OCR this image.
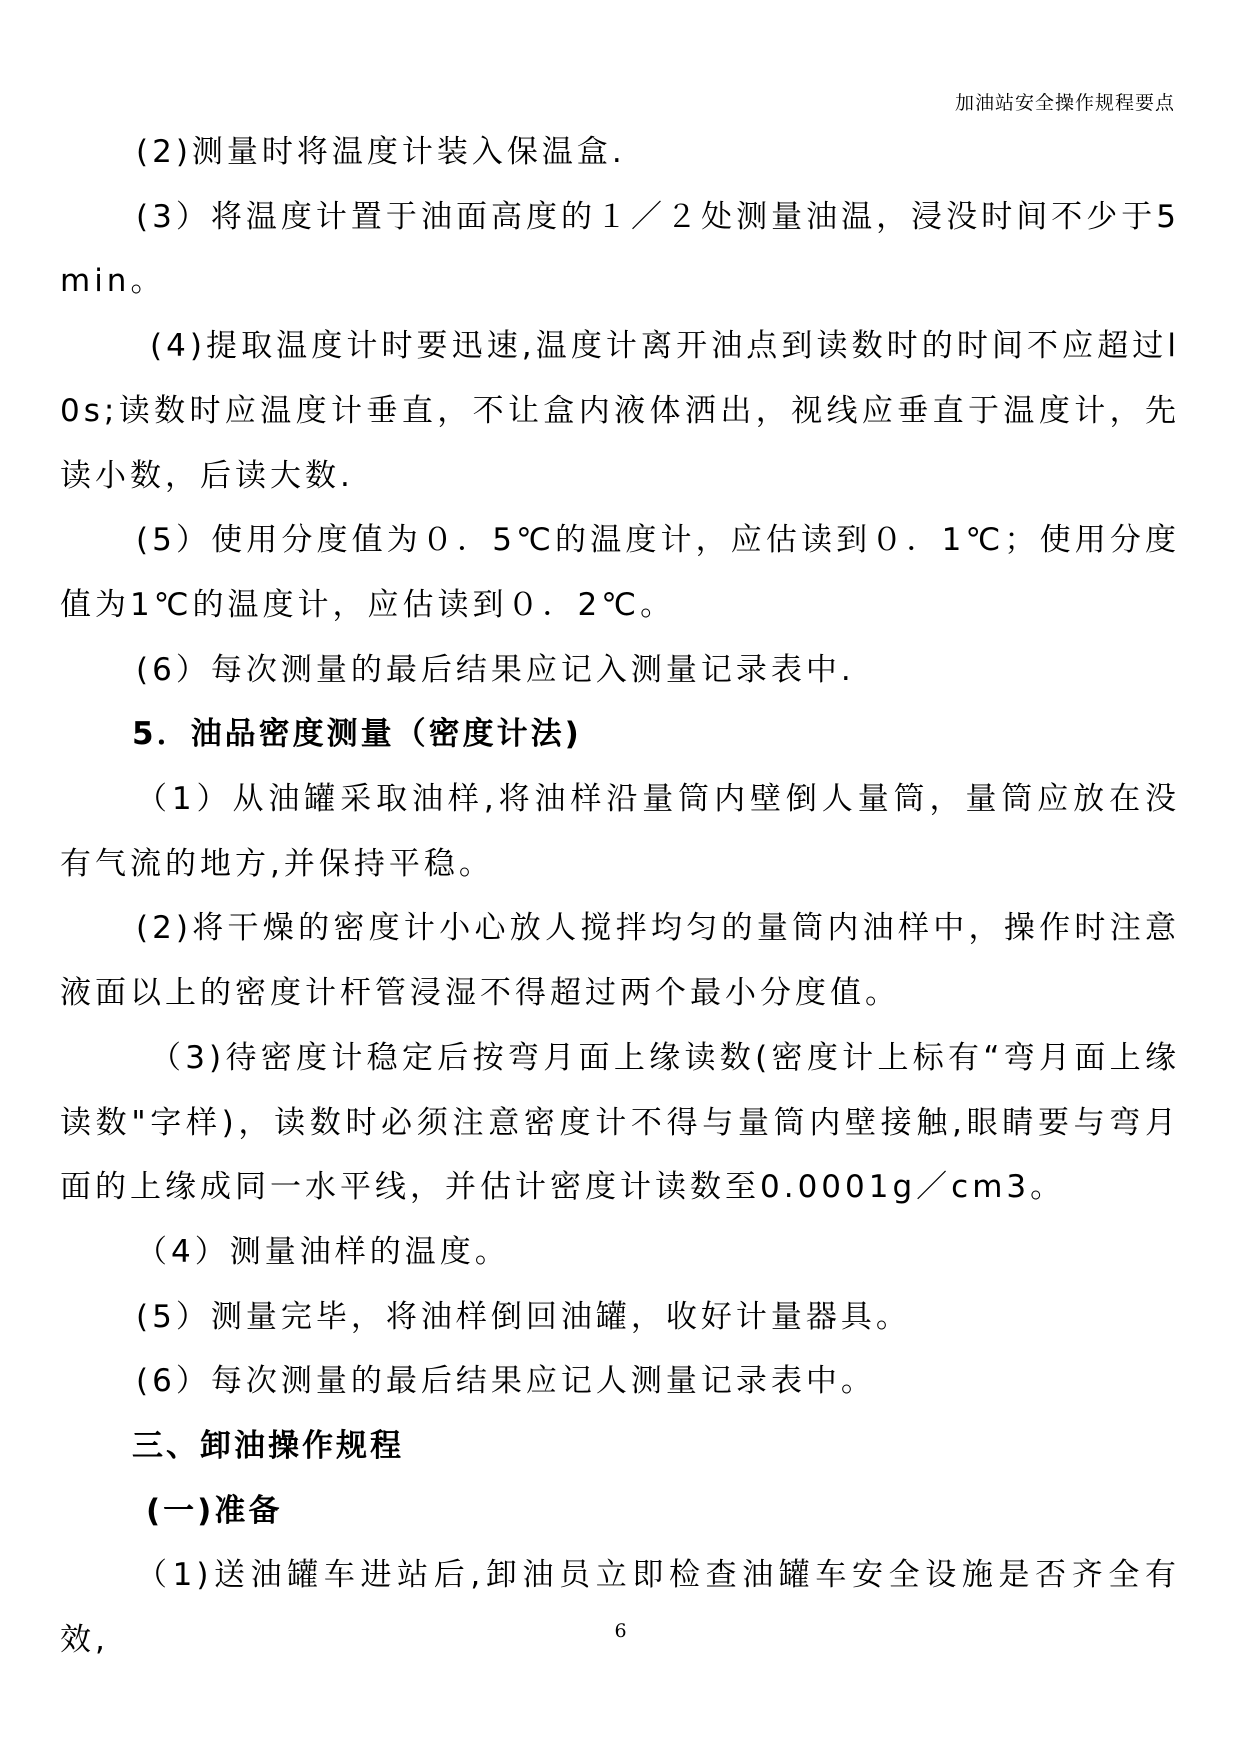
加油站安全操作规程要点

(2)测量时将温度计装入保温盒.

(3）将温度计置于油面高度的１／２处测量油温，浸没时间不少于5min。

(4)提取温度计时要迅速,温度计离开油点到读数时的时间不应超过l0s;读数时应温度计垂直，不让盒内液体洒出，视线应垂直于温度计，先读小数，后读大数.

(5）使用分度值为０．5℃的温度计，应估读到０．1℃；使用分度值为1℃的温度计，应估读到０．2℃。

(6）每次测量的最后结果应记入测量记录表中.

5．油品密度测量（密度计法)

（1）从油罐采取油样,将油样沿量筒内壁倒人量筒，量筒应放在没有气流的地方,并保持平稳。

(2)将干燥的密度计小心放人搅拌均匀的量筒内油样中，操作时注意液面以上的密度计杆管浸湿不得超过两个最小分度值。

（3)待密度计稳定后按弯月面上缘读数(密度计上标有“弯月面上缘读数"字样)，读数时必须注意密度计不得与量筒内壁接触,眼睛要与弯月面的上缘成同一水平线，并估计密度计读数至0.0001g／cm3。

（4）测量油样的温度。

(5）测量完毕，将油样倒回油罐，收好计量器具。

(6）每次测量的最后结果应记人测量记录表中。

三、卸油操作规程
(一)准备

（1)送油罐车进站后,卸油员立即检查油罐车安全设施是否齐全有效,	6
